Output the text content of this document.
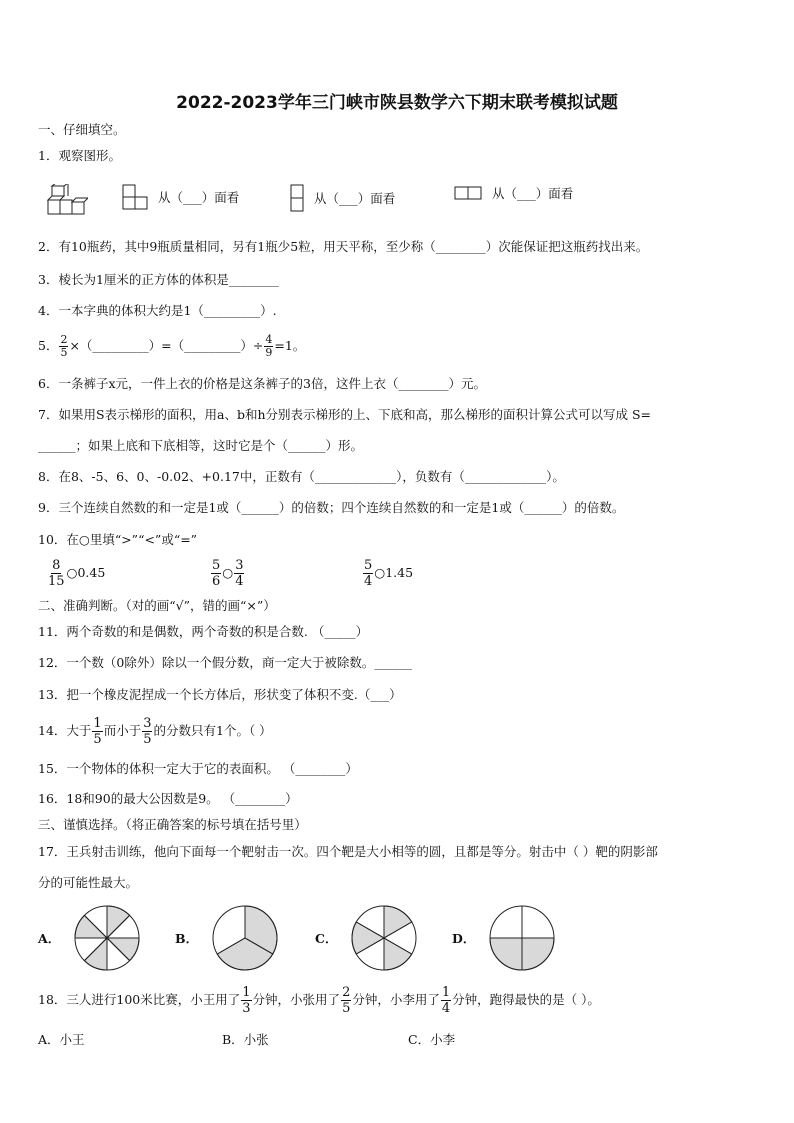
2022-2023学年三门峡市陕县数学六下期末联考模拟试题
一、仔细填空。
1．观察图形。
从（___）面看	从（___）面看	从（___）面看
2．有10瓶药，其中9瓶质量相同，另有1瓶少5粒，用天平称，至少称（________）次能保证把这瓶药找出来。
3．棱长为1厘米的正方体的体积是________
4．一本字典的体积大约是1（_________）.
5． $\frac{2}{5}$ ×（_________）=（_________）÷ $\frac{4}{9} =1$。
6．一条裤子x元，一件上衣的价格是这条裤子的3倍，这件上衣（________）元。
7．如果用S表示梯形的面积，用a、b和h分别表示梯形的上、下底和高，那么梯形的面积计算公式可以写成 S=
______；如果上底和下底相等，这时它是个（______）形。
8．在8、-5、6、0、-0.02、+0.17中，正数有（_____________），负数有（_____________）。
9．三个连续自然数的和一定是1或（______）的倍数；四个连续自然数的和一定是1或（______）的倍数。
10．在○里填“>”“<”或“=”
$\frac{8}{15}$ ○0.45	$\frac{5}{6}$ ○ $\frac{3}{4}$	$\frac{5}{4}$ ○1.45
二、准确判断。（对的画“√”，错的画“×”）
11．两个奇数的和是偶数，两个奇数的积是合数. （_____）
12．一个数（0除外）除以一个假分数，商一定大于被除数。______
13．把一个橡皮泥捏成一个长方体后，形状变了体积不变.（___）
14．大于 $\frac{1}{5}$ 而小于 $\frac{3}{5}$ 的分数只有1个。（ ）
15．一个物体的体积一定大于它的表面积。 （________）
16．18和90的最大公因数是9。 （________）
三、谨慎选择。（将正确答案的标号填在括号里）
17．王兵射击训练，他向下面每一个靶射击一次。四个靶是大小相等的圆，且都是等分。射击中（ ）靶的阴影部
分的可能性最大。
A．	B．	C．	D．
18．三人进行100米比赛，小王用了 $\frac{1}{3}$ 分钟，小张用了 $\frac{2}{5}$ 分钟，小李用了 $\frac{1}{4}$ 分钟，跑得最快的是（ ）。
A．小王	B．小张	C．小李
